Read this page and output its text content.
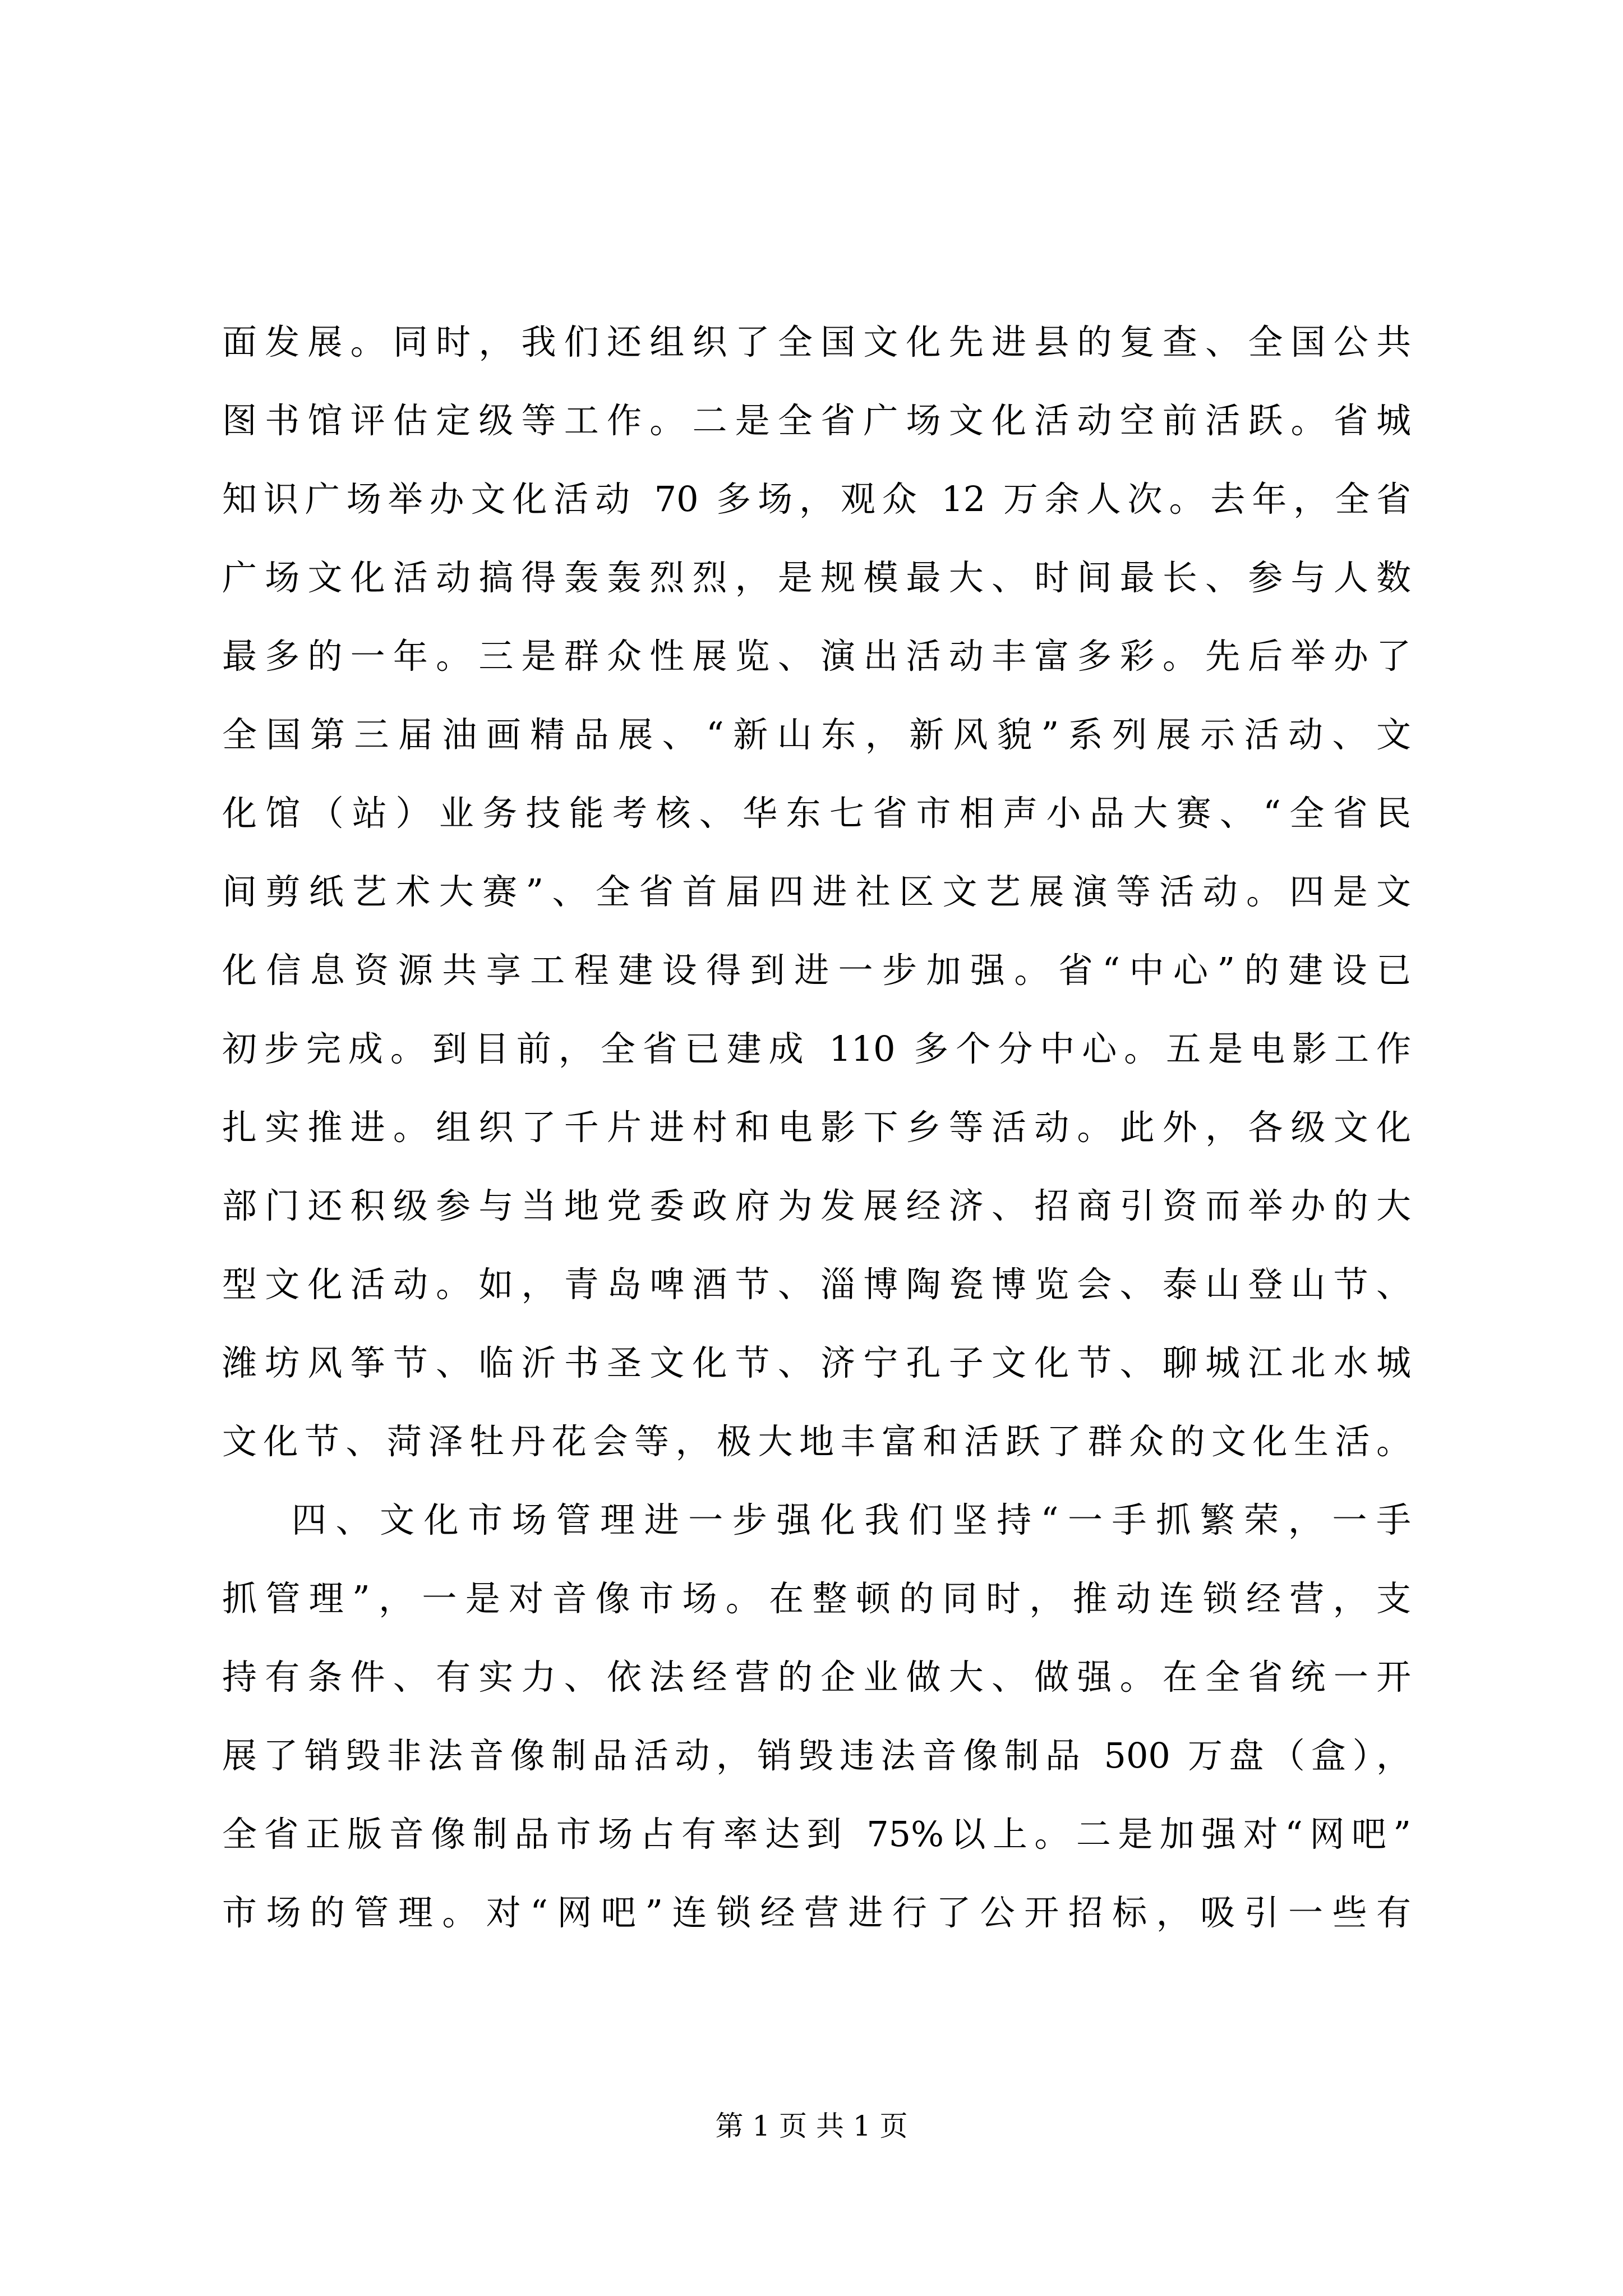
面发展。同时，我们还组织了全国文化先进县的复查、全国公共
图书馆评估定级等工作。二是全省广场文化活动空前活跃。省城
知识广场举办文化活动 70 多场，观众 12 万余人次。去年，全省
广场文化活动搞得轰轰烈烈，是规模最大、时间最长、参与人数
最多的一年。三是群众性展览、演出活动丰富多彩。先后举办了
全国第三届油画精品展、“新山东，新风貌”系列展示活动、文
化馆（站）业务技能考核、华东七省市相声小品大赛、“全省民
间剪纸艺术大赛”、全省首届四进社区文艺展演等活动。四是文
化信息资源共享工程建设得到进一步加强。省“中心”的建设已
初步完成。到目前，全省已建成 110 多个分中心。五是电影工作
扎实推进。组织了千片进村和电影下乡等活动。此外，各级文化
部门还积级参与当地党委政府为发展经济、招商引资而举办的大
型文化活动。如，青岛啤酒节、淄博陶瓷博览会、泰山登山节、
潍坊风筝节、临沂书圣文化节、济宁孔子文化节、聊城江北水城
文化节、菏泽牡丹花会等，极大地丰富和活跃了群众的文化生活。
四、文化市场管理进一步强化我们坚持“一手抓繁荣，一手
抓管理”，一是对音像市场。在整顿的同时，推动连锁经营，支
持有条件、有实力、依法经营的企业做大、做强。在全省统一开
展了销毁非法音像制品活动，销毁违法音像制品 500 万盘（盒），
全省正版音像制品市场占有率达到 75%以上。二是加强对“网吧”
市场的管理。对“网吧”连锁经营进行了公开招标，吸引一些有
第 1 页 共 1 页
